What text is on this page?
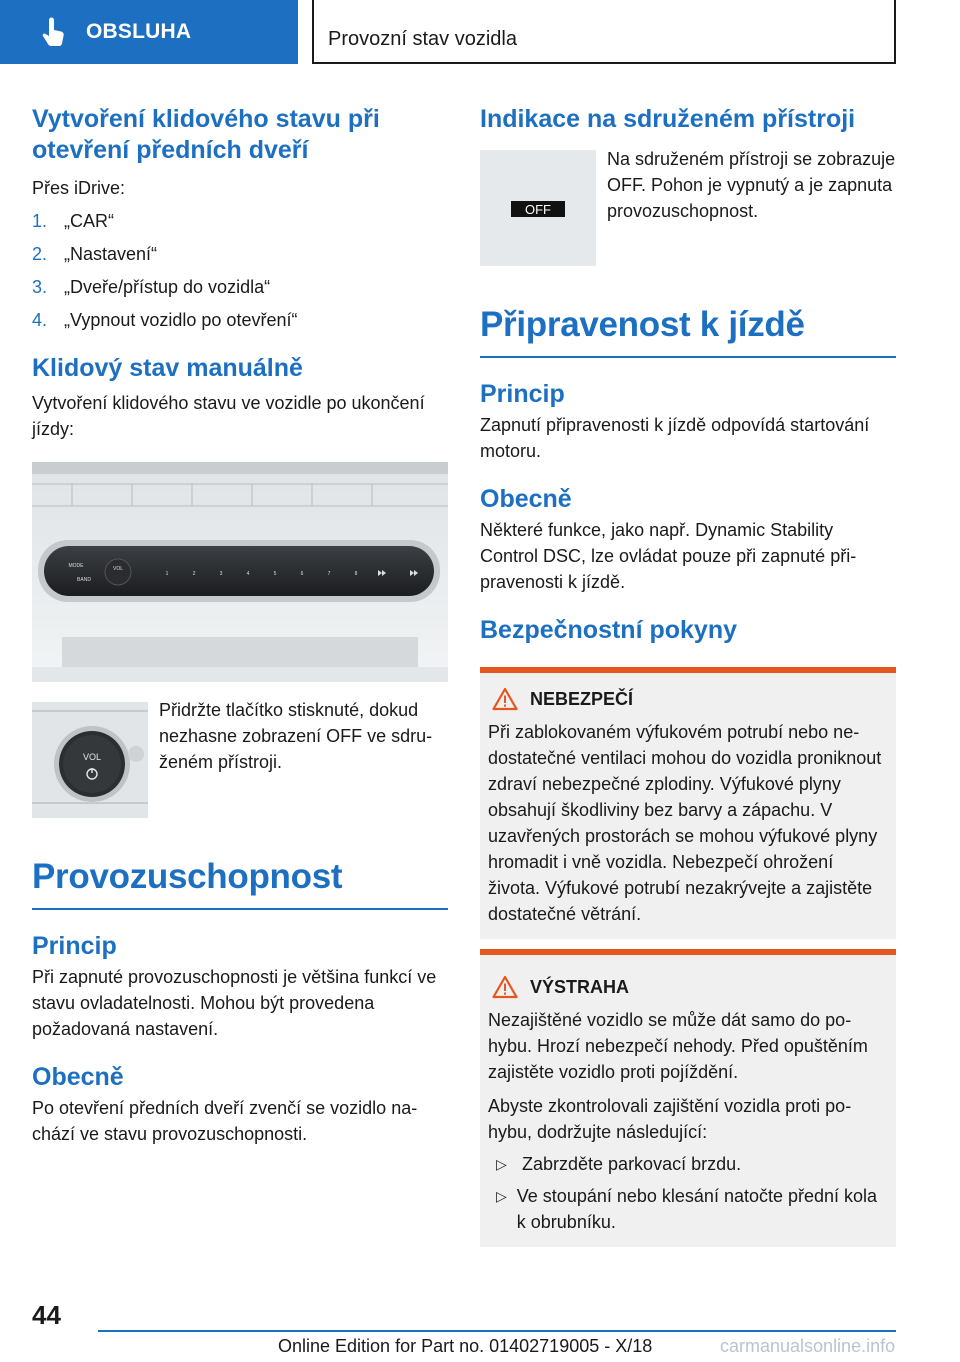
OBSLUHA	Provozní stav vozidla
Vytvoření klidového stavu při otevření předních dveří
Přes iDrive:
1. „CAR“
2. „Nastavení“
3. „Dveře/přístup do vozidla“
4. „Vypnout vozidlo po otevření“
Klidový stav manuálně
Vytvoření klidového stavu ve vozidle po ukončení jízdy:
VOL
MODE
BAND
1	2	3	4	5	6	7	8
VOL
Přidržte tlačítko stisknuté, dokud nezhasne zobrazení OFF ve sdruženém přístroji.
Provozuschopnost
Princip
Při zapnuté provozuschopnosti je většina funkcí ve stavu ovladatelnosti. Mohou být provedena požadovaná nastavení.
Obecně
Po otevření předních dveří zvenčí se vozidlo nachází ve stavu provozuschopnosti.
Indikace na sdruženém přístroji
OFF
Na sdruženém přístroji se zobrazuje OFF. Pohon je vypnutý a je zapnuta provozuschopnost.
Připravenost k jízdě
Princip
Zapnutí připravenosti k jízdě odpovídá startování motoru.
Obecně
Některé funkce, jako např. Dynamic Stability Control DSC, lze ovládat pouze při zapnuté připravenosti k jízdě.
Bezpečnostní pokyny
NEBEZPEČÍ
Při zablokovaném výfukovém potrubí nebo nedostatečné ventilaci mohou do vozidla proniknout zdraví nebezpečné zplodiny. Výfukové plyny obsahují škodliviny bez barvy a zápachu. V uzavřených prostorách se mohou výfukové plyny hromadit i vně vozidla. Nebezpečí ohrožení života. Výfukové potrubí nezakrývejte a zajistěte dostatečné větrání.
VÝSTRAHA
Nezajištěné vozidlo se může dát samo do pohybu. Hrozí nebezpečí nehody. Před opuštěním zajistěte vozidlo proti pojíždění.
Abyste zkontrolovali zajištění vozidla proti pohybu, dodržujte následující:
▷ Zabrzděte parkovací brzdu.
▷ Ve stoupání nebo klesání natočte přední kola k obrubníku.
44
Online Edition for Part no. 01402719005 - X/18	carmanualsonline.info
